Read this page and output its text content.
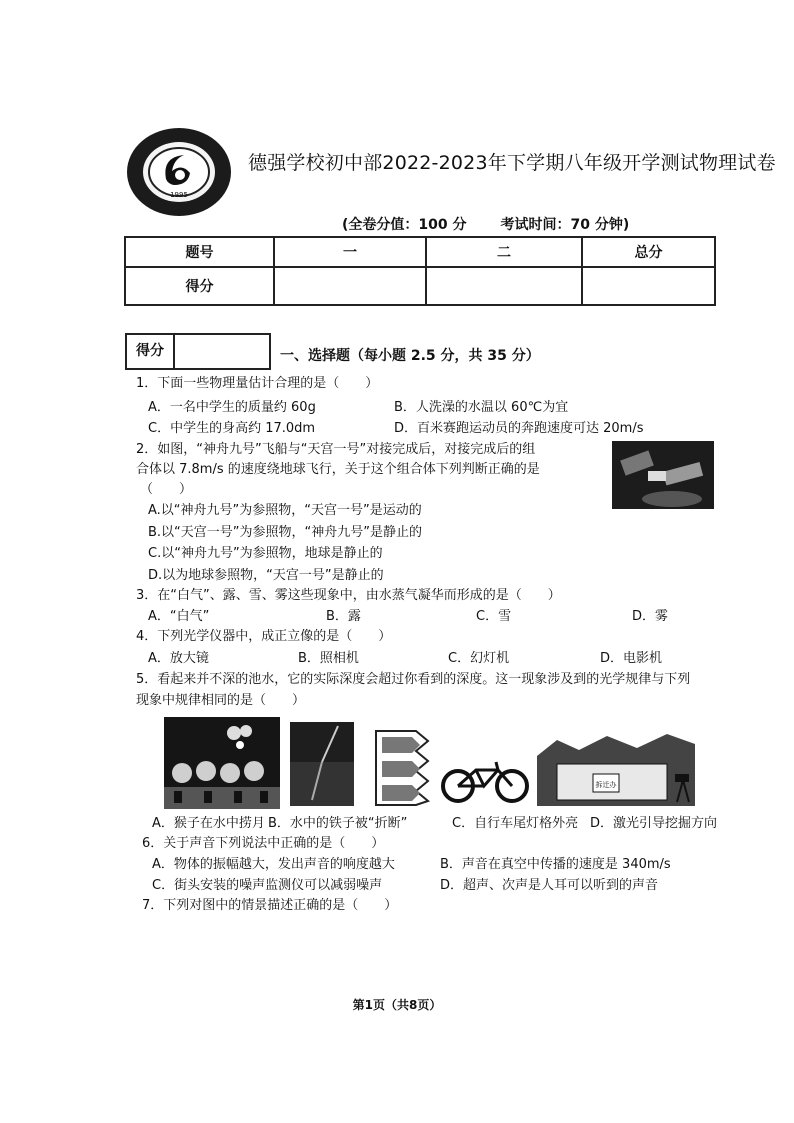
1995
德强学校初中部2022-2023年下学期八年级开学测试物理试卷
(全卷分值：100 分 考试时间：70 分钟)
题号	一	二	总分
得分			
得分	一、选择题（每小题 2.5 分，共 35 分）
1．下面一些物理量估计合理的是（　　）
A．一名中学生的质量约 60g	B．人洗澡的水温以 60℃为宜
C．中学生的身高约 17.0dm	D．百米赛跑运动员的奔跑速度可达 20m/s
2．如图，“神舟九号”飞船与“天宫一号”对接完成后，对接完成后的组
合体以 7.8m/s 的速度绕地球飞行，关于这个组合体下列判断正确的是
（　　）
A.以“神舟九号”为参照物，“天宫一号”是运动的
B.以“天宫一号”为参照物，“神舟九号”是静止的
C.以“神舟九号”为参照物，地球是静止的
D.以为地球参照物，“天宫一号”是静止的
3．在“白气”、露、雪、雾这些现象中，由水蒸气凝华而形成的是（　　）
A．“白气”	B．露	C．雪	D．雾
4．下列光学仪器中，成正立像的是（　　）
A．放大镜	B．照相机	C．幻灯机	D．电影机
5．看起来并不深的池水，它的实际深度会超过你看到的深度。这一现象涉及到的光学规律与下列
现象中规律相同的是（　　）
拆迁办
A．猴子在水中捞月 B．水中的铁子被“折断”	C．自行车尾灯格外亮 D．激光引导挖掘方向
6．关于声音下列说法中正确的是（　　）
A．物体的振幅越大，发出声音的响度越大	B．声音在真空中传播的速度是 340m/s
C．街头安装的噪声监测仪可以减弱噪声	D．超声、次声是人耳可以听到的声音
7．下列对图中的情景描述正确的是（　　）
第1页（共8页）
